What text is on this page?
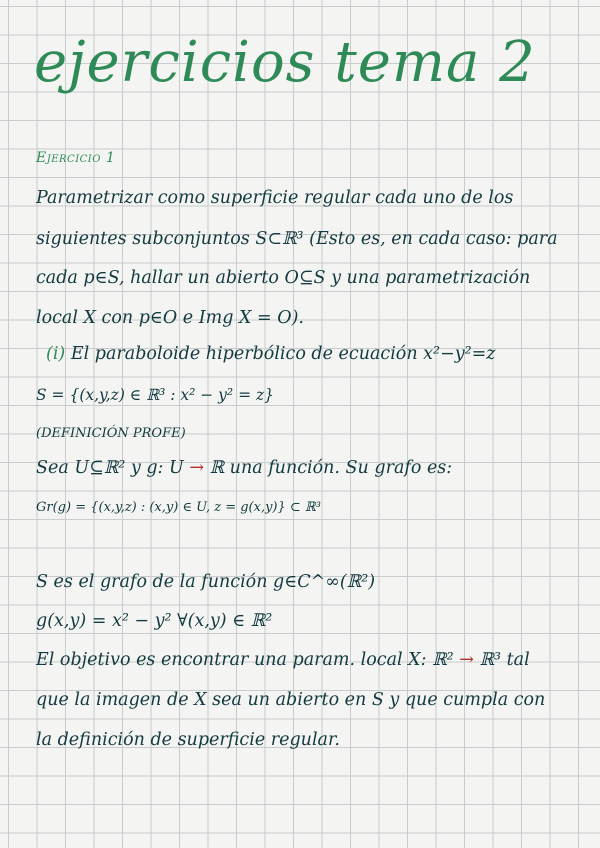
ejercicios tema 2
Ejercicio 1
Parametrizar como superficie regular cada uno de los
siguientes subconjuntos S⊂ℝ³ (Esto es, en cada caso: para
cada p∈S, hallar un abierto O⊆S y una parametrización
local X con p∈O e Img X = O).
(i) El paraboloide hiperbólico de ecuación x²−y²=z
S = {(x,y,z) ∈ ℝ³ : x² − y² = z}
(DEFINICIÓN PROFE)
Sea U⊆ℝ² y g: U → ℝ una función. Su grafo es:
Gr(g) = {(x,y,z) : (x,y) ∈ U, z = g(x,y)} ⊂ ℝ³
S es el grafo de la función g∈C^∞(ℝ²)
g(x,y) = x² − y² ∀(x,y) ∈ ℝ²
El objetivo es encontrar una param. local X: ℝ² → ℝ³ tal
que la imagen de X sea un abierto en S y que cumpla con
la definición de superficie regular.
